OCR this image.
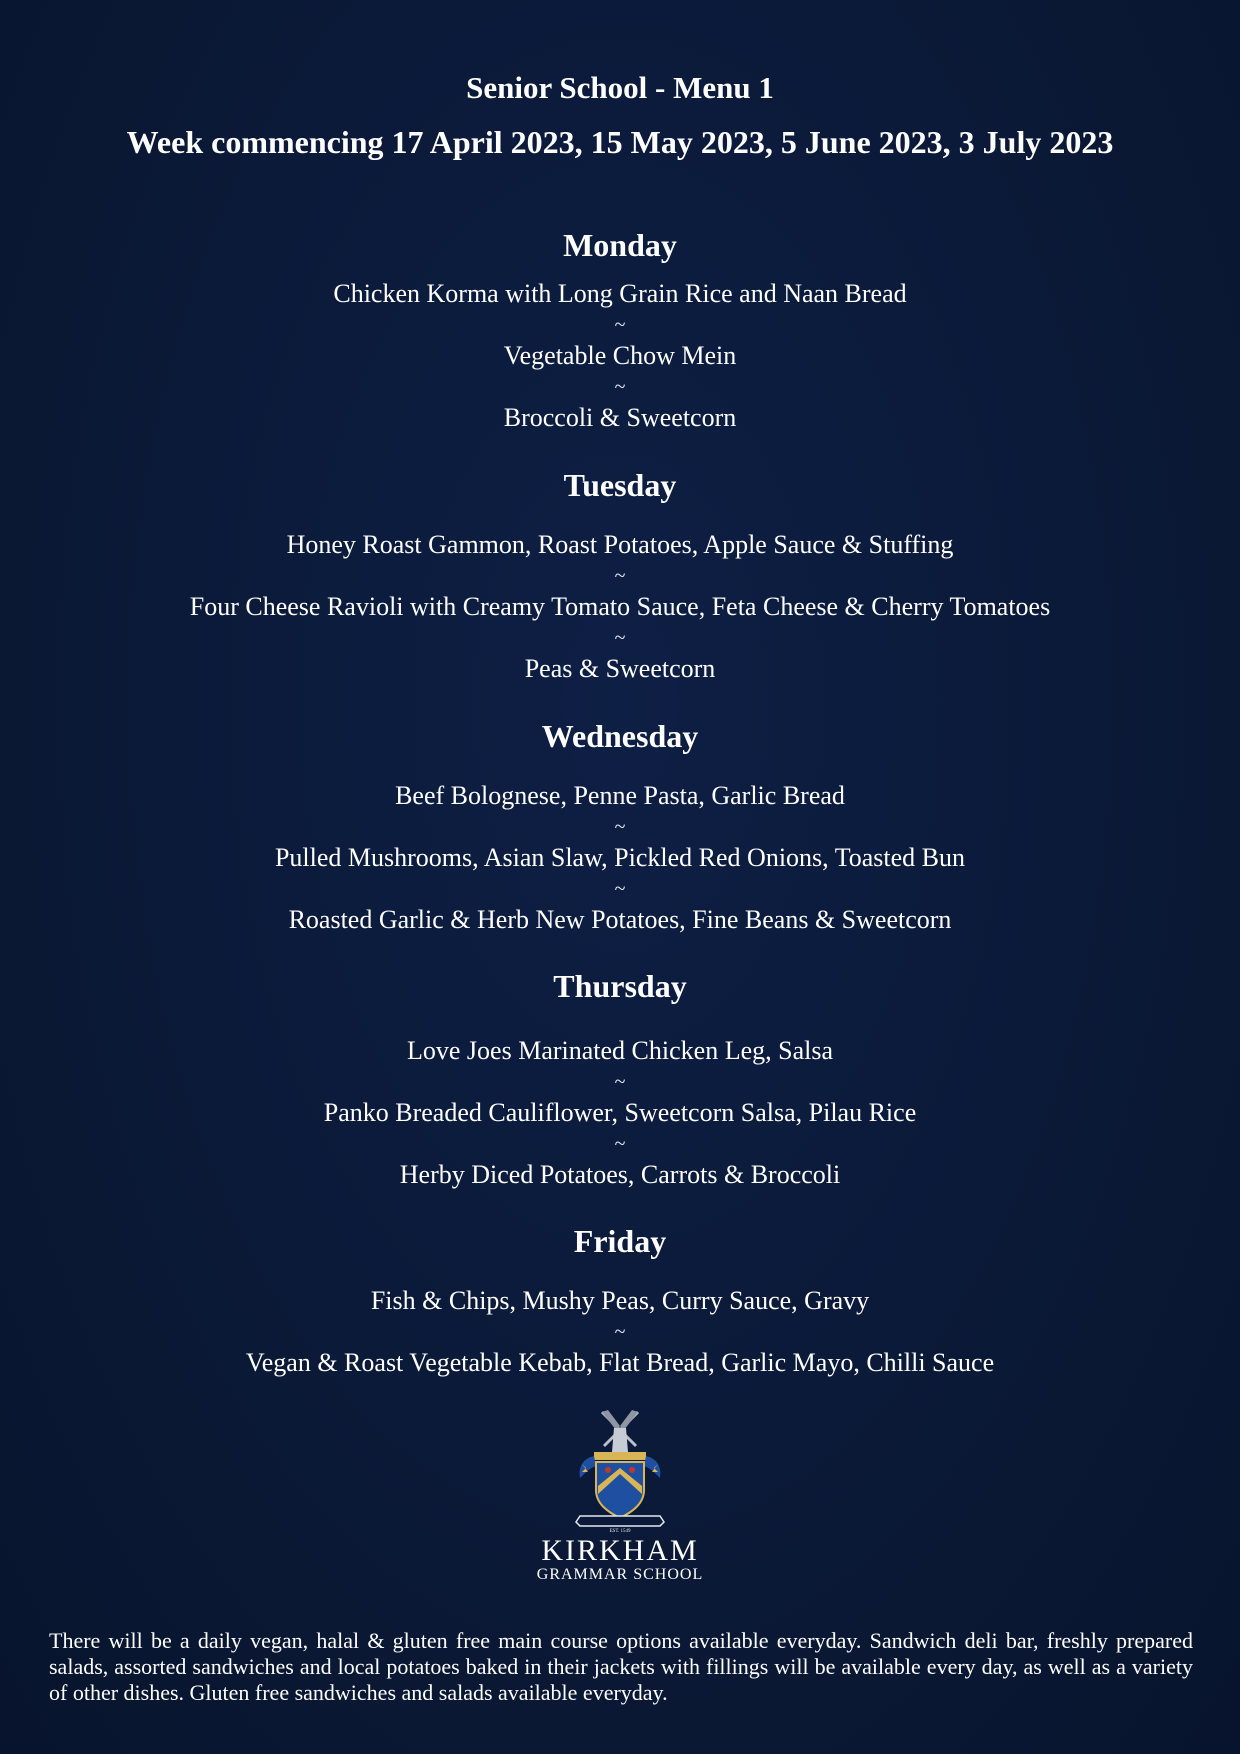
Senior School - Menu 1
Week commencing 17 April 2023, 15 May 2023, 5 June 2023, 3 July 2023
Monday
Chicken Korma with Long Grain Rice and Naan Bread
~
Vegetable Chow Mein
~
Broccoli & Sweetcorn
Tuesday
Honey Roast Gammon, Roast Potatoes, Apple Sauce & Stuffing
~
Four Cheese Ravioli with Creamy Tomato Sauce, Feta Cheese & Cherry Tomatoes
~
Peas & Sweetcorn
Wednesday
Beef Bolognese, Penne Pasta, Garlic Bread
~
Pulled Mushrooms, Asian Slaw, Pickled Red Onions, Toasted Bun
~
Roasted Garlic & Herb New Potatoes, Fine Beans & Sweetcorn
Thursday
Love Joes Marinated Chicken Leg, Salsa
~
Panko Breaded Cauliflower, Sweetcorn Salsa, Pilau Rice
~
Herby Diced Potatoes, Carrots & Broccoli
Friday
Fish & Chips, Mushy Peas, Curry Sauce, Gravy
~
Vegan & Roast Vegetable Kebab, Flat Bread, Garlic Mayo, Chilli Sauce
EST. 1549
KIRKHAM
GRAMMAR SCHOOL
There will be a daily vegan, halal & gluten free main course options available everyday. Sandwich deli bar, freshly prepared salads, assorted sandwiches and local potatoes baked in their jackets with fillings will be available every day, as well as a variety of other dishes. Gluten free sandwiches and salads available everyday.
